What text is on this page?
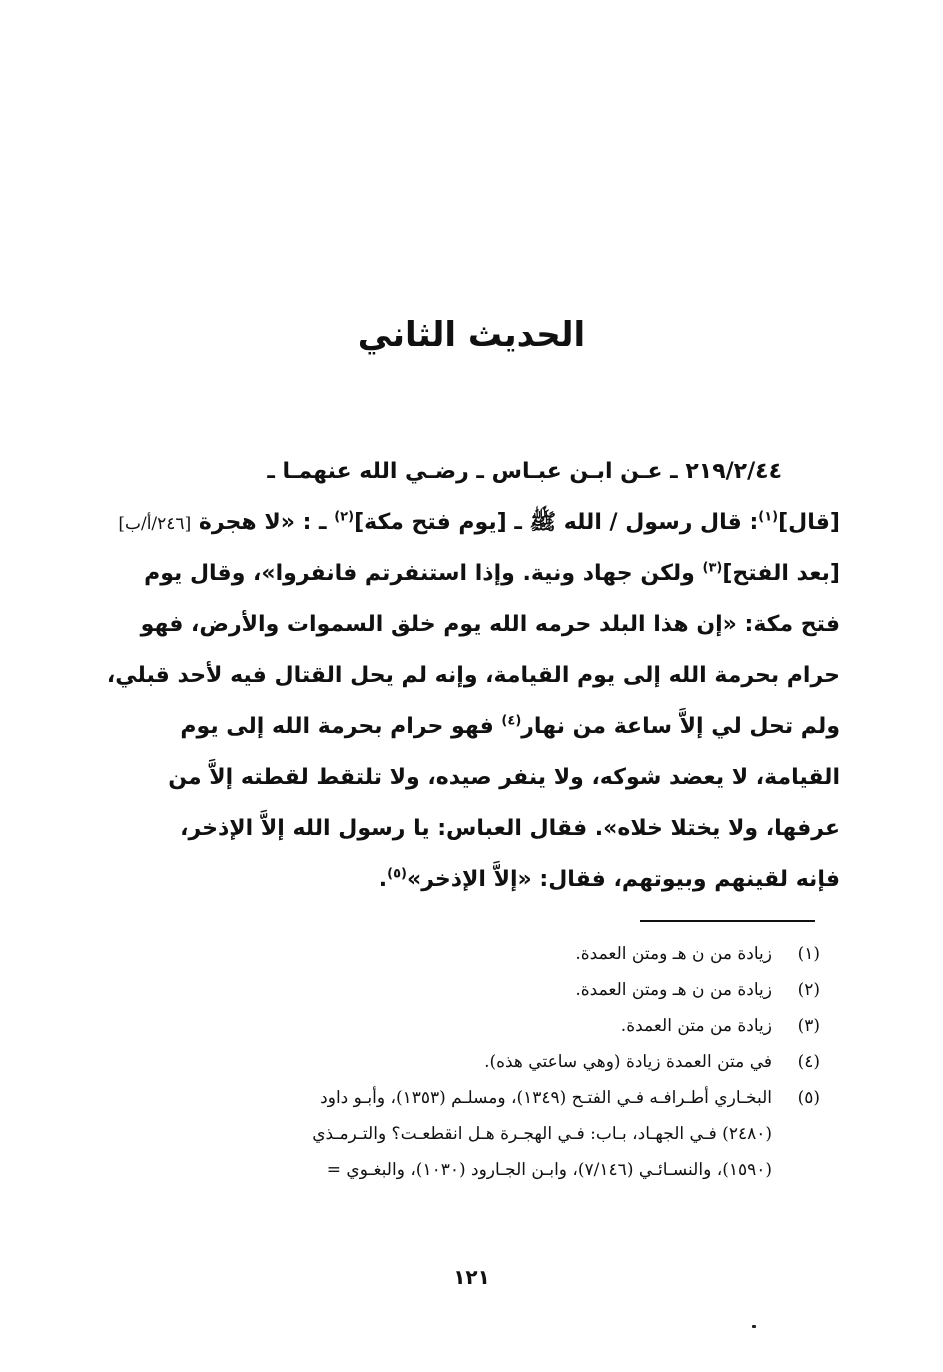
الحديث الثاني
٢١٩/٢/٤٤ ـ عـن ابـن عبـاس ـ رضـي الله عنهمـا ـ
[قال]$^{(١)}$: قال رسول / الله ﷺ ـ [يوم فتح مكة]$^{(٢)}$ ـ : «لا هجرة [٢٤٦/أ/ب]
[بعد الفتح]$^{(٣)}$ ولكن جهاد ونية. وإذا استنفرتم فانفروا»، وقال يوم
فتح مكة: «إن هذا البلد حرمه الله يوم خلق السموات والأرض، فهو
حرام بحرمة الله إلى يوم القيامة، وإنه لم يحل القتال فيه لأحد قبلي،
ولم تحل لي إلاَّ ساعة من نهار$^{(٤)}$ فهو حرام بحرمة الله إلى يوم
القيامة، لا يعضد شوكه، ولا ينفر صيده، ولا تلتقط لقطته إلاَّ من
عرفها، ولا يختلا خلاه». فقال العباس: يا رسول الله إلاَّ الإذخر،
فإنه لقينهم وبيوتهم، فقال: «إلاَّ الإذخر»$^{(٥)}$.
(١)
زيادة من ن هـ ومتن العمدة.
(٢)
زيادة من ن هـ ومتن العمدة.
(٣)
زيادة من متن العمدة.
(٤)
في متن العمدة زيادة (وهي ساعتي هذه).
(٥)
البخـاري أطـرافـه فـي الفتـح (١٣٤٩)، ومسلـم (١٣٥٣)، وأبـو داود
(٢٤٨٠) فـي الجهـاد، بـاب: فـي الهجـرة هـل انقطعـت؟ والتـرمـذي
(١٥٩٠)، والنسـائـي (٧/١٤٦)، وابـن الجـارود (١٠٣٠)، والبغـوي =
١٢١
